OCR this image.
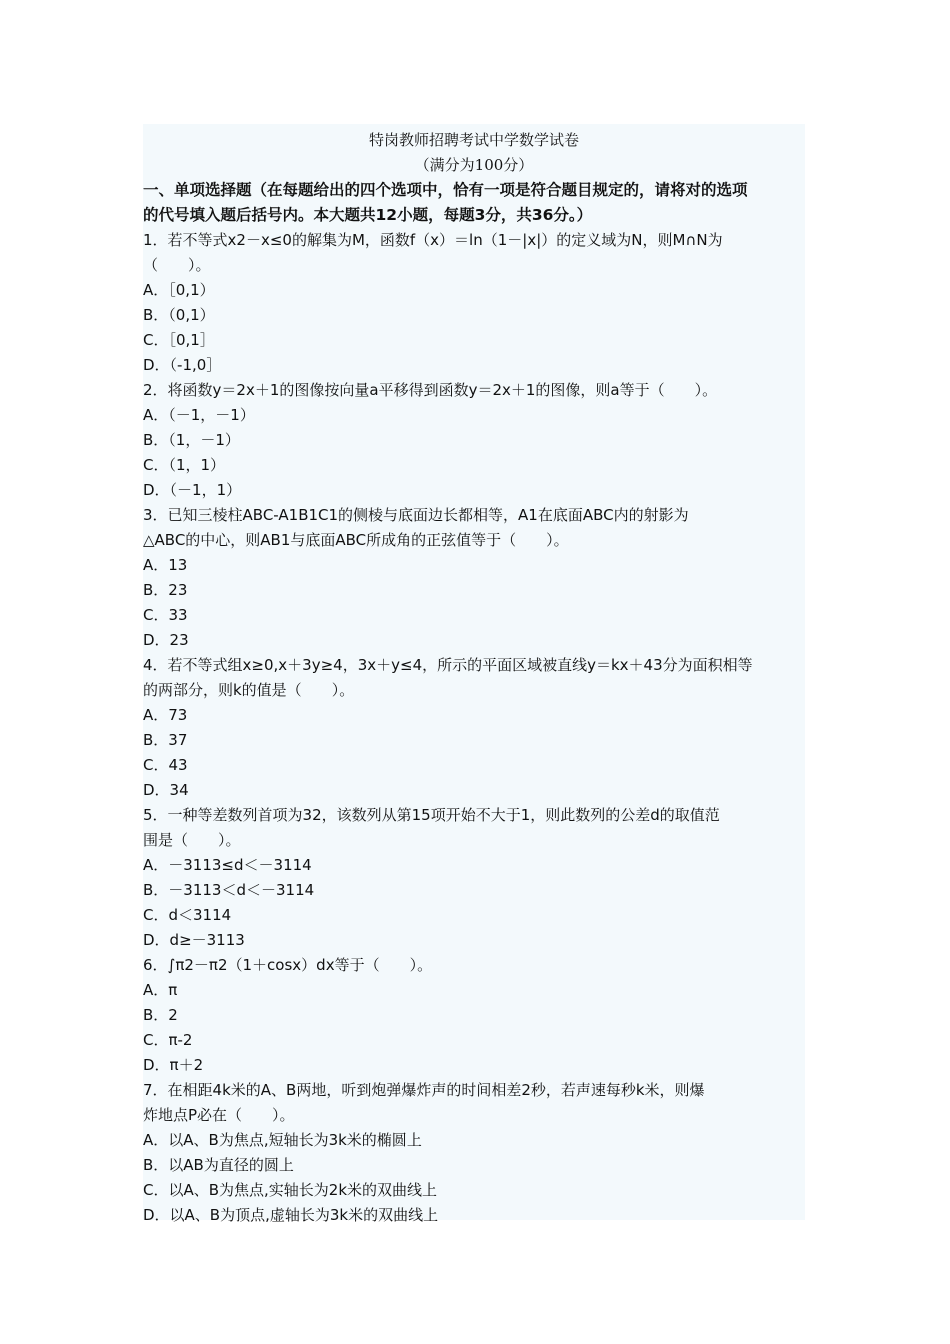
特岗教师招聘考试中学数学试卷

（满分为100分）

一、单项选择题（在每题给出的四个选项中，恰有一项是符合题目规定的，请将对的选项
的代号填入题后括号内。本大题共12小题，每题3分，共36分。）
1．若不等式x2－x≤0的解集为M，函数f（x）＝ln（1－|x|）的定义域为N，则M∩N为
（　　）。
A．［0,1）
B．（0,1）
C．［0,1］
D．（-1,0］
2．将函数y＝2x＋1的图像按向量a平移得到函数y＝2x＋1的图像，则a等于（　　）。
A．（－1，－1）
B．（1，－1）
C．（1，1）
D．（－1，1）
3．已知三棱柱ABC-A1B1C1的侧棱与底面边长都相等，A1在底面ABC内的射影为
△ABC的中心，则AB1与底面ABC所成角的正弦值等于（　　）。
A．13
B．23
C．33
D．23
4．若不等式组x≥0,x＋3y≥4，3x＋y≤4，所示的平面区域被直线y＝kx＋43分为面积相等
的两部分，则k的值是（　　）。
A．73
B．37
C．43
D．34
5．一种等差数列首项为32，该数列从第15项开始不大于1，则此数列的公差d的取值范
围是（　　）。
A．－3113≤d＜－3114
B．－3113＜d＜－3114
C．d＜3114
D．d≥－3113
6．∫π2－π2（1＋cosx）dx等于（　　）。
A．π
B．2
C．π-2
D．π＋2
7．在相距4k米的A、B两地，听到炮弹爆炸声的时间相差2秒，若声速每秒k米，则爆
炸地点P必在（　　）。
A．以A、B为焦点,短轴长为3k米的椭圆上
B．以AB为直径的圆上
C．以A、B为焦点,实轴长为2k米的双曲线上
D．以A、B为顶点,虚轴长为3k米的双曲线上
